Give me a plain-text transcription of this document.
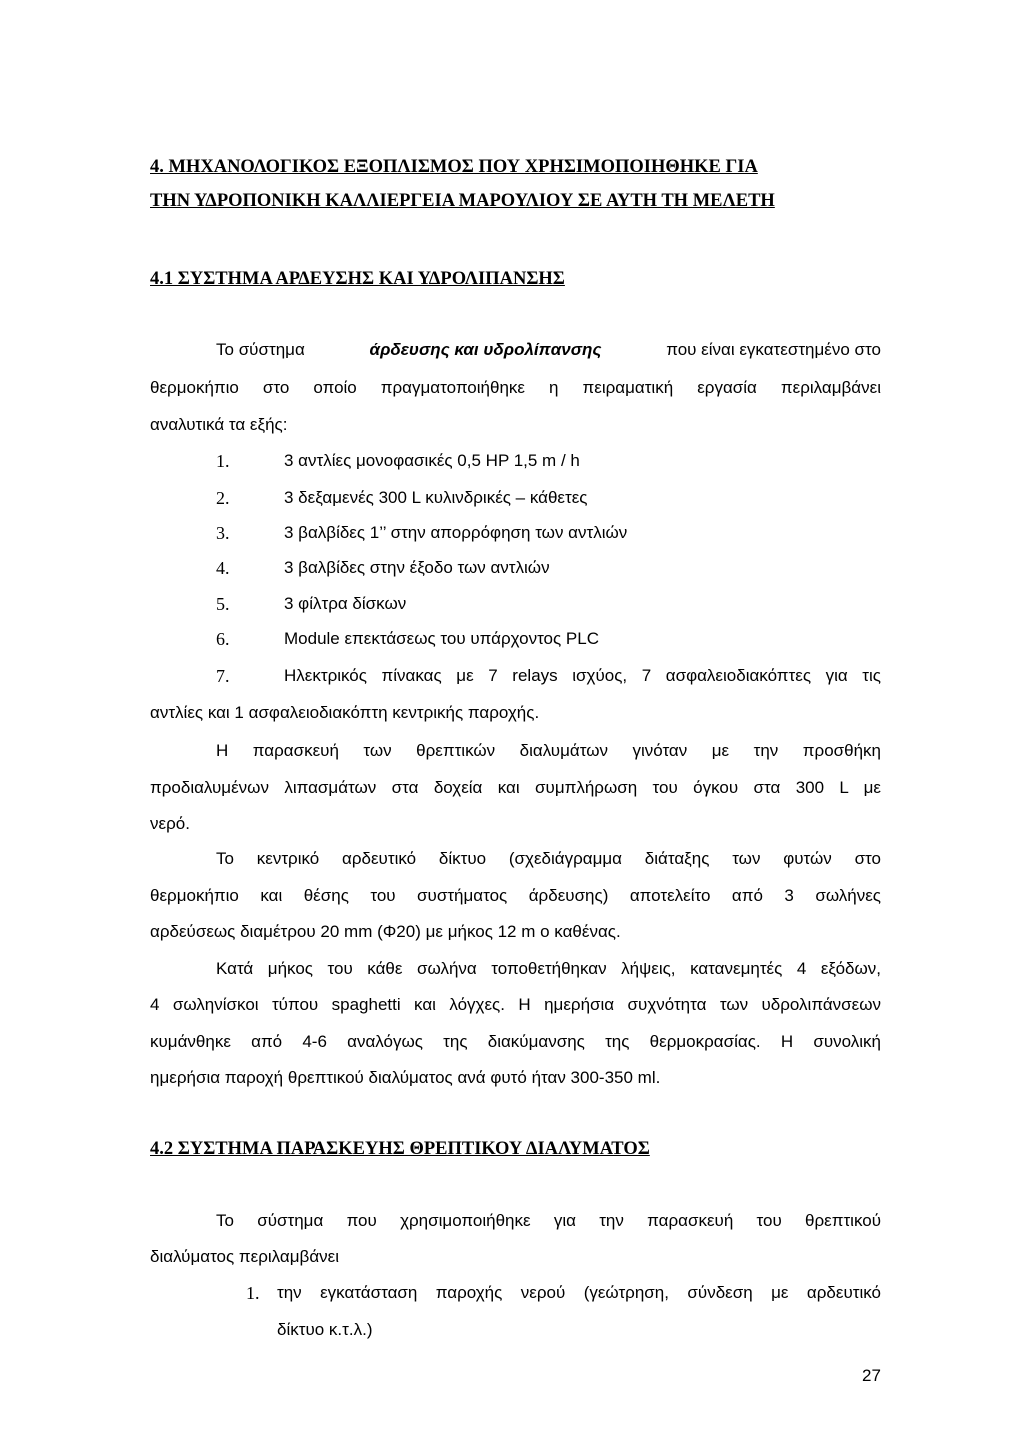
4. ΜΗΧΑΝΟΛΟΓΙΚΟΣ ΕΞΟΠΛΙΣΜΟΣ ΠΟΥ ΧΡΗΣΙΜΟΠΟΙΗΘΗΚΕ ΓΙΑ
ΤΗΝ ΥΔΡΟΠΟΝΙΚΗ ΚΑΛΛΙΕΡΓΕΙΑ ΜΑΡΟΥΛΙΟΥ ΣΕ ΑΥΤΗ ΤΗ ΜΕΛΕΤΗ
4.1 ΣΥΣΤΗΜΑ ΑΡΔΕΥΣΗΣ ΚΑΙ ΥΔΡΟΛΙΠΑΝΣΗΣ
Το σύστημα	άρδευσης και υδρολίπανσης	που είναι εγκατεστημένο στο
θερμοκήπιο στο οποίο πραγματοποιήθηκε η πειραματική εργασία περιλαμβάνει
αναλυτικά τα εξής:
1.	3 αντλίες μονοφασικές 0,5 HP 1,5 m / h
2.	3 δεξαμενές 300 L κυλινδρικές – κάθετες
3.	3 βαλβίδες 1’’ στην απορρόφηση των αντλιών
4.	3 βαλβίδες στην έξοδο των αντλιών
5.	3 φίλτρα δίσκων
6.	Module επεκτάσεως του υπάρχοντος PLC
7.	Ηλεκτρικός πίνακας με 7 relays ισχύος, 7 ασφαλειοδιακόπτες για τις
αντλίες και 1 ασφαλειοδιακόπτη κεντρικής παροχής.
Η παρασκευή των θρεπτικών διαλυμάτων γινόταν με την προσθήκη
προδιαλυμένων λιπασμάτων στα δοχεία και συμπλήρωση του όγκου στα 300 L με
νερό.
Το κεντρικό αρδευτικό δίκτυο (σχεδιάγραμμα διάταξης των φυτών στο
θερμοκήπιο και θέσης του συστήματος άρδευσης) αποτελείτο από 3 σωλήνες
αρδεύσεως διαμέτρου 20 mm (Φ20) με μήκος 12 m ο καθένας.
Κατά μήκος του κάθε σωλήνα τοποθετήθηκαν λήψεις, κατανεμητές 4 εξόδων,
4 σωληνίσκοι τύπου spaghetti και λόγχες. Η ημερήσια συχνότητα των υδρολιπάνσεων
κυμάνθηκε από 4-6 αναλόγως της διακύμανσης της θερμοκρασίας. Η συνολική
ημερήσια παροχή θρεπτικού διαλύματος ανά φυτό ήταν 300-350 ml.
4.2 ΣΥΣΤΗΜΑ ΠΑΡΑΣΚΕΥΗΣ ΘΡΕΠΤΙΚΟΥ ΔΙΑΛΥΜΑΤΟΣ
Το σύστημα που χρησιμοποιήθηκε για την παρασκευή του θρεπτικού
διαλύματος περιλαμβάνει
1. την εγκατάσταση παροχής νερού (γεώτρηση, σύνδεση με αρδευτικό
δίκτυο κ.τ.λ.)
27
